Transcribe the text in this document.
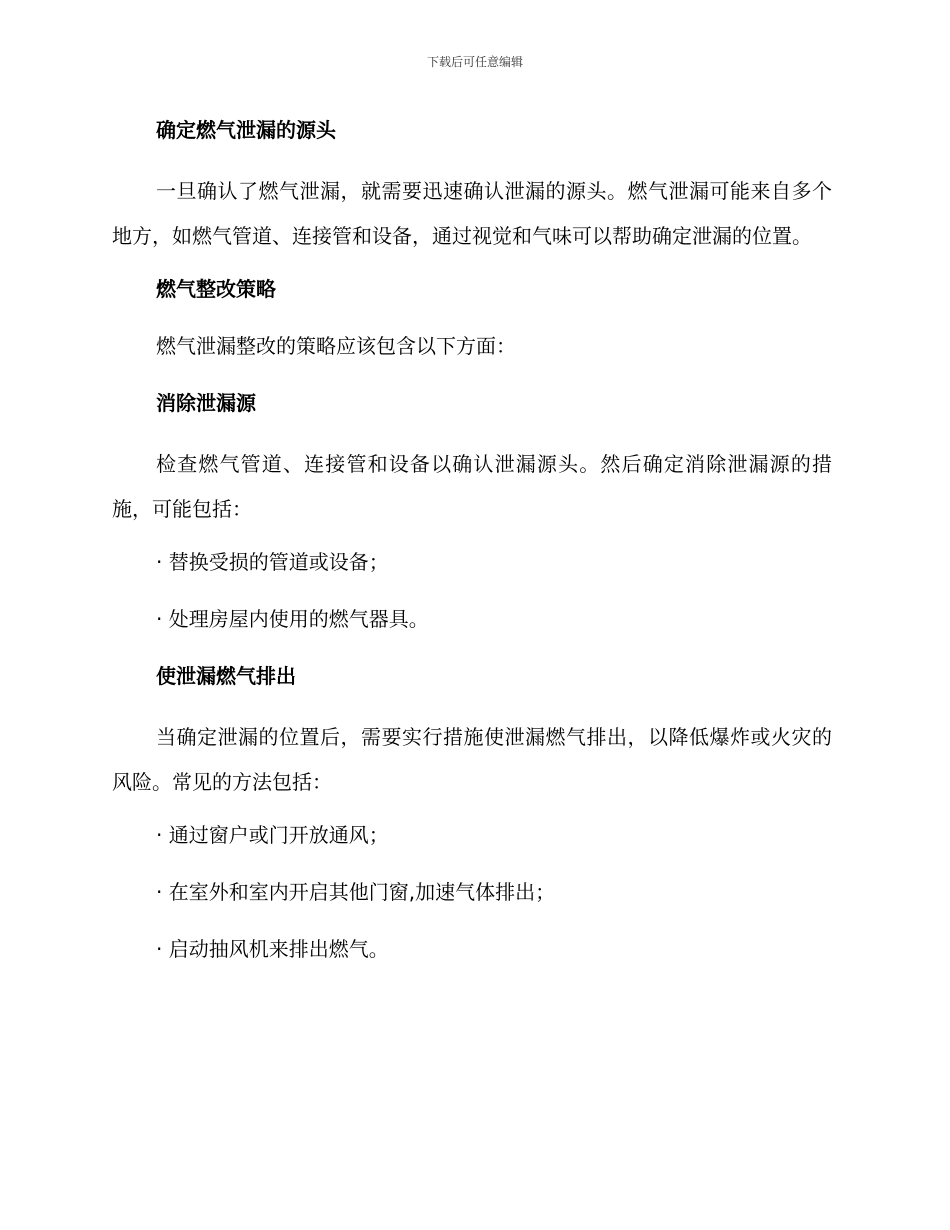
下载后可任意编辑
确定燃气泄漏的源头

一旦确认了燃气泄漏，就需要迅速确认泄漏的源头。燃气泄漏可能来自多个地方，如燃气管道、连接管和设备，通过视觉和气味可以帮助确定泄漏的位置。

燃气整改策略
燃气泄漏整改的策略应该包含以下方面：
消除泄漏源

检查燃气管道、连接管和设备以确认泄漏源头。然后确定消除泄漏源的措施，可能包括：

· 替换受损的管道或设备；
· 处理房屋内使用的燃气器具。
使泄漏燃气排出

当确定泄漏的位置后，需要实行措施使泄漏燃气排出，以降低爆炸或火灾的风险。常见的方法包括：

· 通过窗户或门开放通风；
· 在室外和室内开启其他门窗,加速气体排出；
· 启动抽风机来排出燃气。
